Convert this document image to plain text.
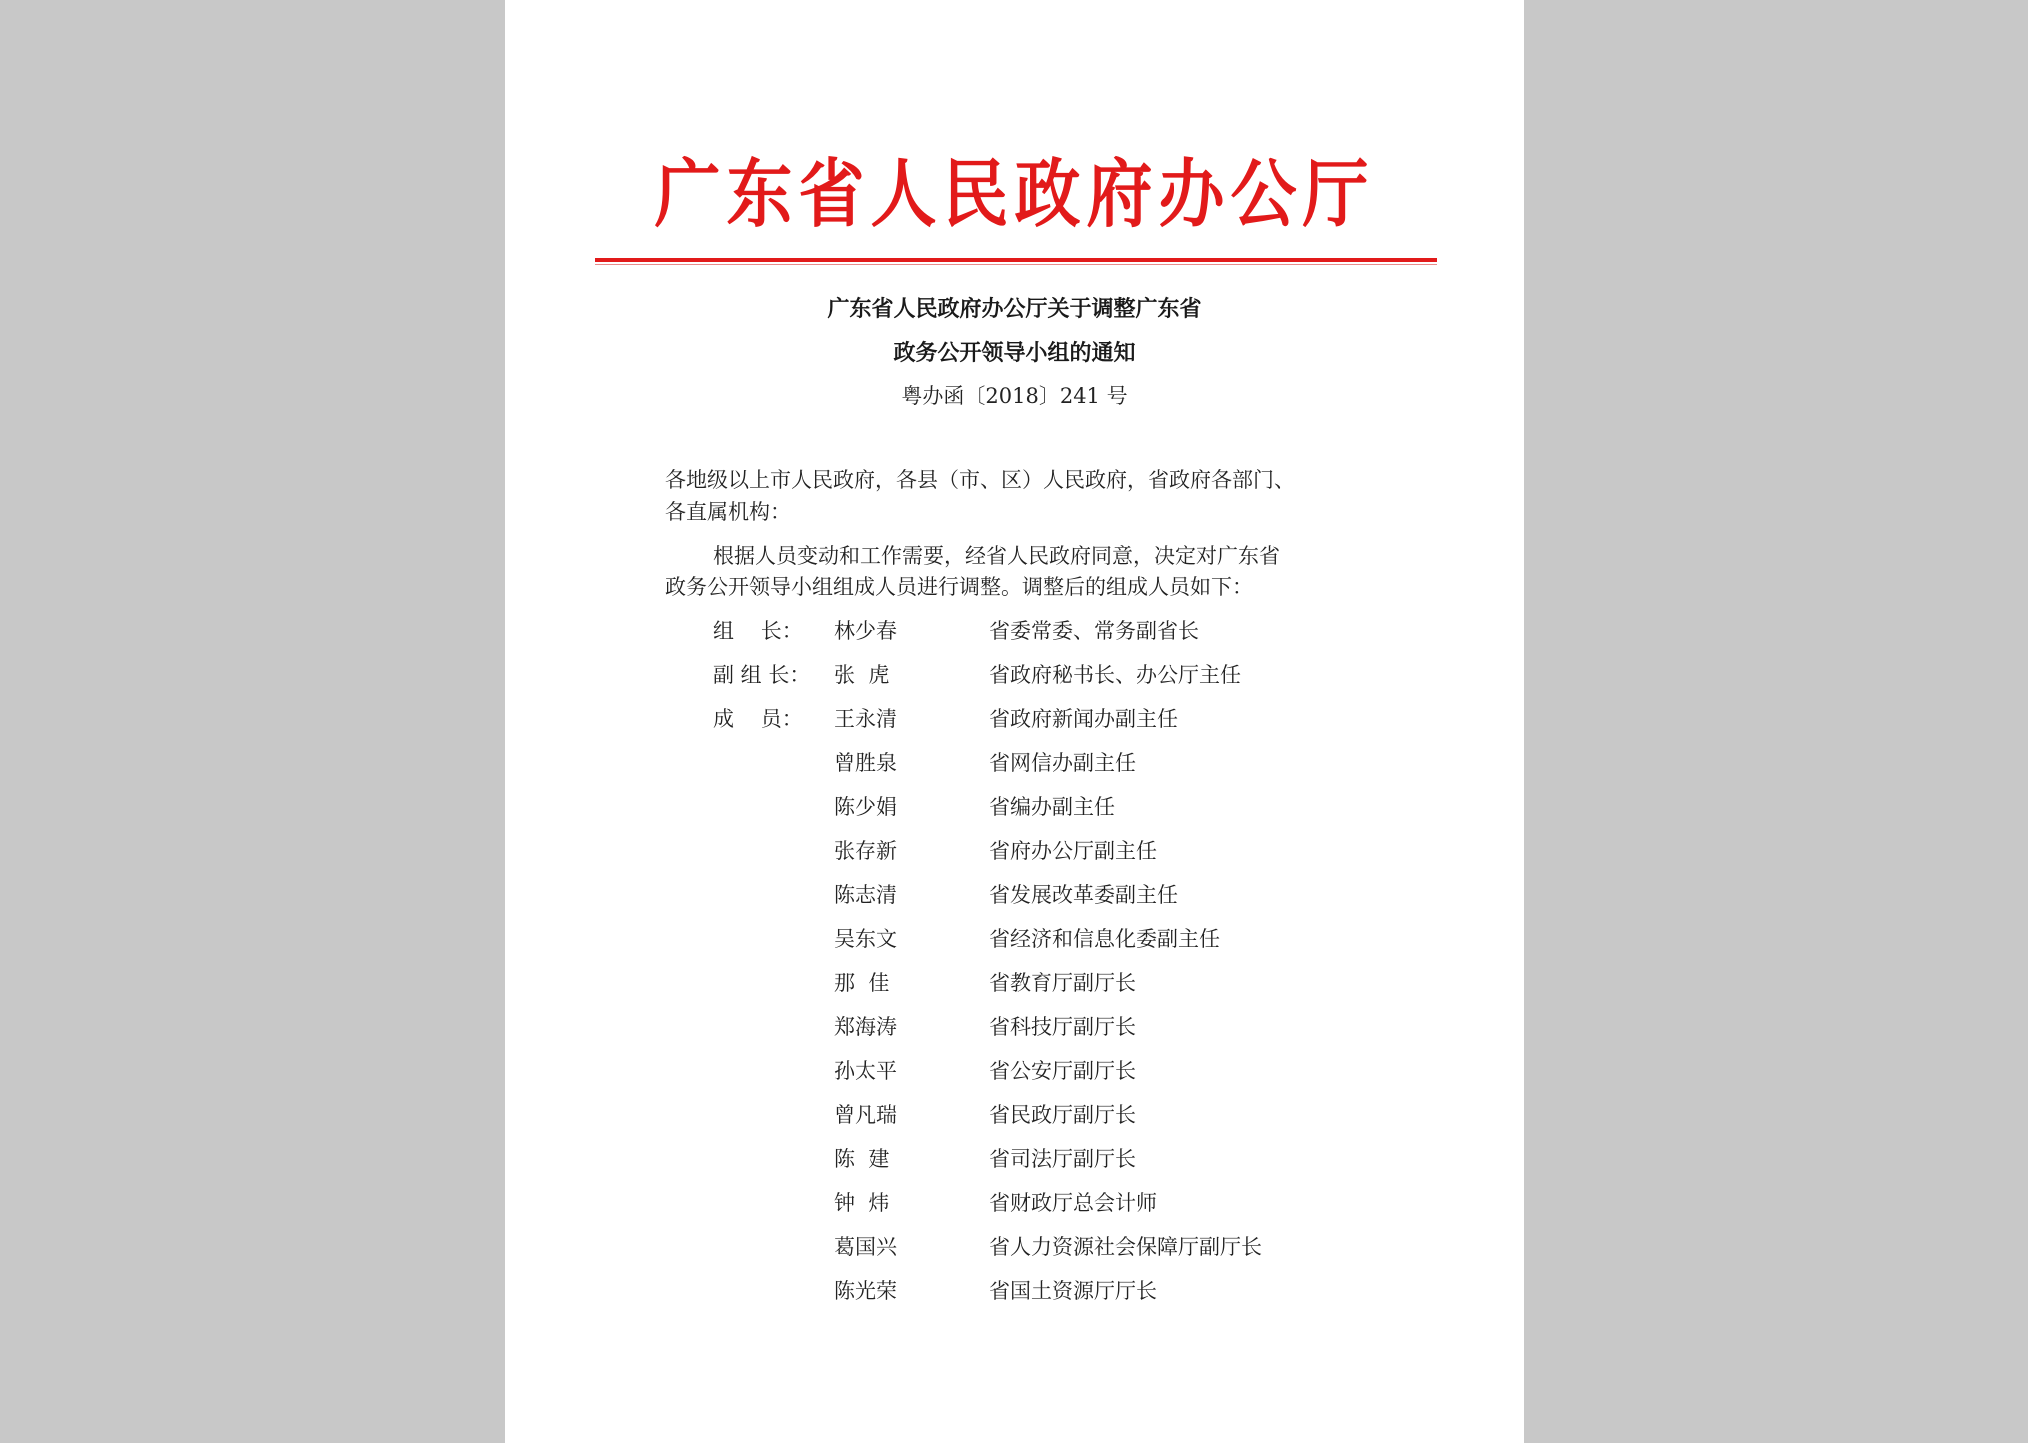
广东省人民政府办公厅
广东省人民政府办公厅关于调整广东省
政务公开领导小组的通知
粤办函〔2018〕241 号
各地级以上市人民政府，各县（市、区）人民政府，省政府各部门、
各直属机构：
根据人员变动和工作需要，经省人民政府同意，决定对广东省
政务公开领导小组组成人员进行调整。调整后的组成人员如下：
组    长： 林少春	省委常委、常务副省长
副 组 长： 张  虎	省政府秘书长、办公厅主任
成    员： 王永清	省政府新闻办副主任
曾胜泉	省网信办副主任
陈少娟	省编办副主任
张存新	省府办公厅副主任
陈志清	省发展改革委副主任
吴东文	省经济和信息化委副主任
那  佳	省教育厅副厅长
郑海涛	省科技厅副厅长
孙太平	省公安厅副厅长
曾凡瑞	省民政厅副厅长
陈  建	省司法厅副厅长
钟  炜	省财政厅总会计师
葛国兴	省人力资源社会保障厅副厅长
陈光荣	省国土资源厅厅长
